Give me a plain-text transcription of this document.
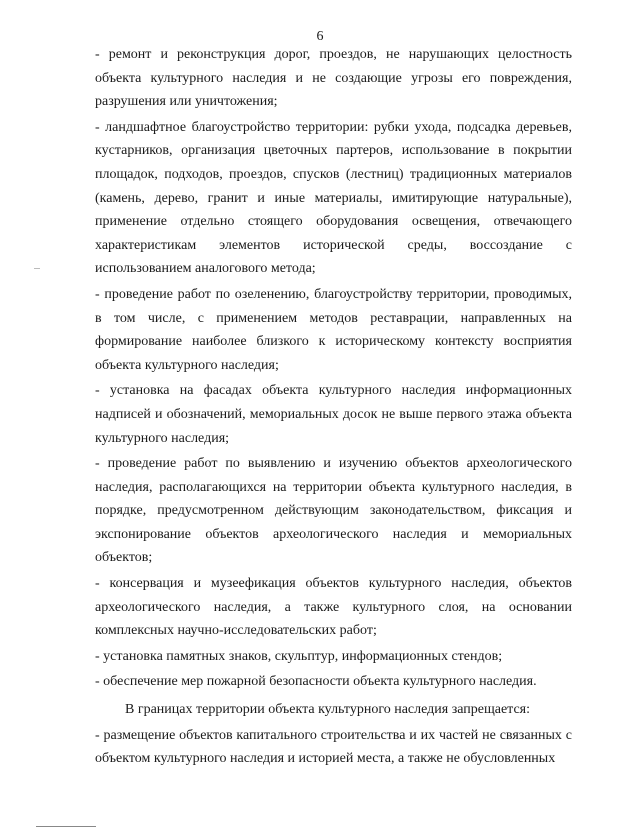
6

- ремонт и реконструкция дорог, проездов, не нарушающих целостность объекта культурного наследия и не создающие угрозы его повреждения, разрушения или уничтожения;

- ландшафтное благоустройство территории: рубки ухода, подсадка деревьев, кустарников, организация цветочных партеров, использование в покрытии площадок, подходов, проездов, спусков (лестниц) традиционных материалов (камень, дерево, гранит и иные материалы, имитирующие натуральные), применение отдельно стоящего оборудования освещения, отвечающего характеристикам элементов исторической среды, воссоздание с использованием аналогового метода;

- проведение работ по озеленению, благоустройству территории, проводимых, в том числе, с применением методов реставрации, направленных на формирование наиболее близкого к историческому контексту восприятия объекта культурного наследия;

- установка на фасадах объекта культурного наследия информационных надписей и обозначений, мемориальных досок не выше первого этажа объекта культурного наследия;

- проведение работ по выявлению и изучению объектов археологического наследия, располагающихся на территории объекта культурного наследия, в порядке, предусмотренном действующим законодательством, фиксация и экспонирование объектов археологического наследия и мемориальных объектов;

- консервация и музеефикация объектов культурного наследия, объектов археологического наследия, а также культурного слоя, на основании комплексных научно-исследовательских работ;

- установка памятных знаков, скульптур, информационных стендов;

- обеспечение мер пожарной безопасности объекта культурного наследия.

В границах территории объекта культурного наследия запрещается:

- размещение объектов капитального строительства и их частей не связанных с объектом культурного наследия и историей места, а также не обусловленных
